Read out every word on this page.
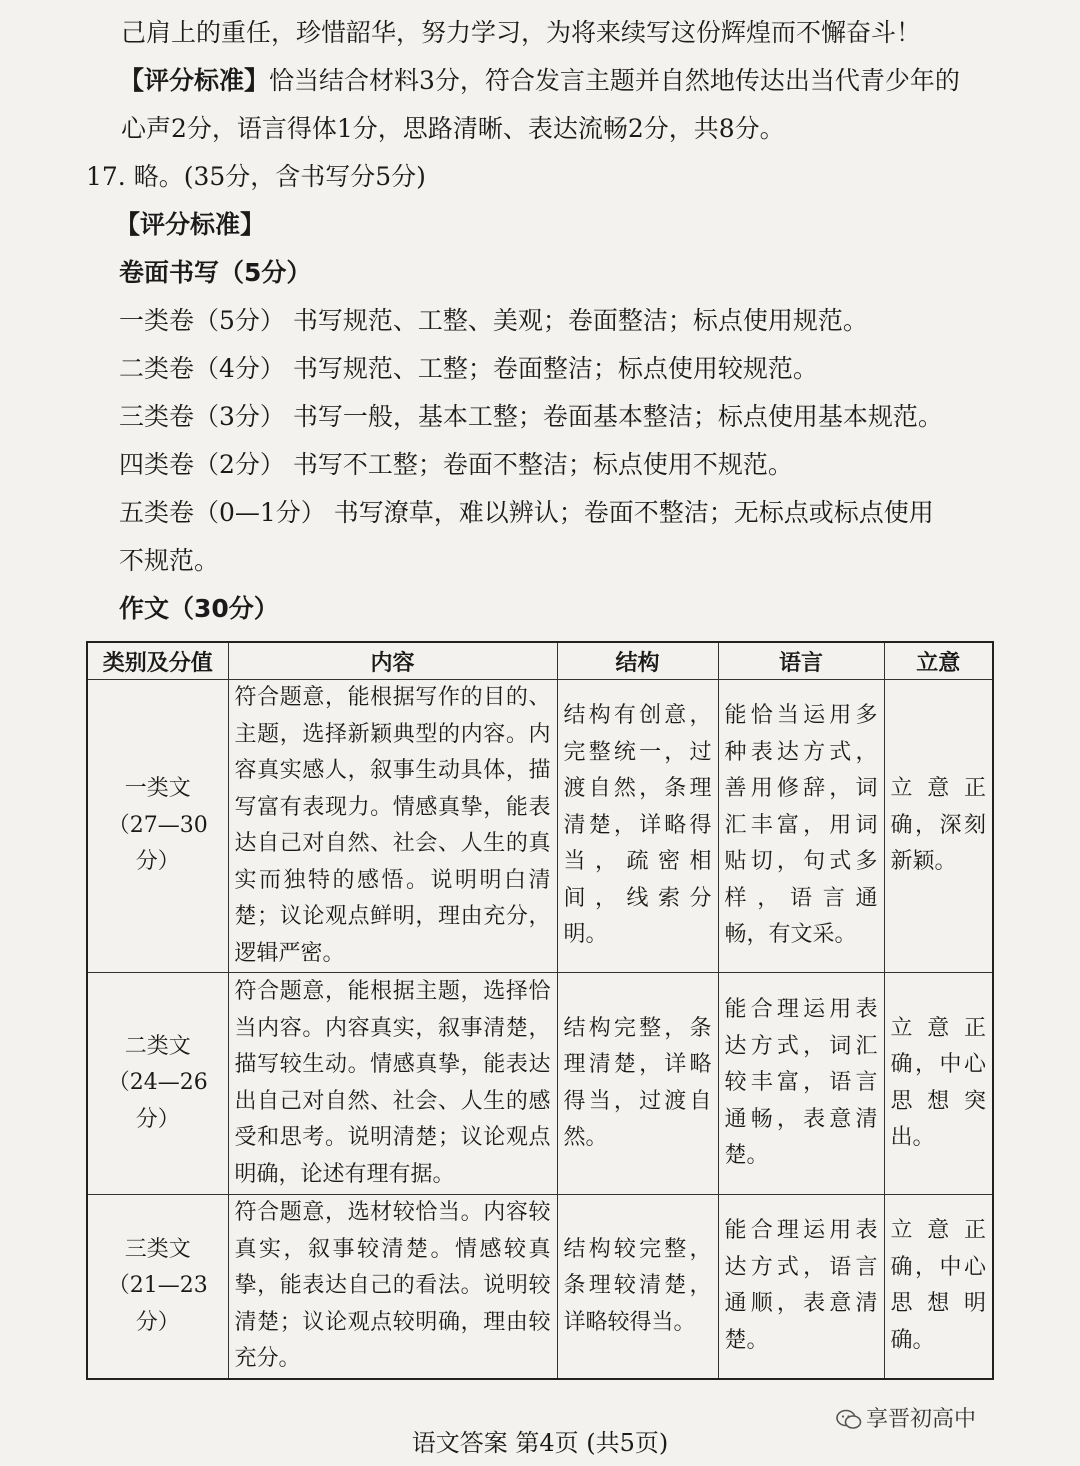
己肩上的重任，珍惜韶华，努力学习，为将来续写这份辉煌而不懈奋斗！
【评分标准】恰当结合材料3分，符合发言主题并自然地传达出当代青少年的
心声2分，语言得体1分，思路清晰、表达流畅2分，共8分。
17. 略。(35分，含书写分5分)
【评分标准】
卷面书写（5分）
一类卷（5分） 书写规范、工整、美观；卷面整洁；标点使用规范。
二类卷（4分） 书写规范、工整；卷面整洁；标点使用较规范。
三类卷（3分） 书写一般，基本工整；卷面基本整洁；标点使用基本规范。
四类卷（2分） 书写不工整；卷面不整洁；标点使用不规范。
五类卷（0—1分） 书写潦草，难以辨认；卷面不整洁；无标点或标点使用
不规范。
作文（30分）
类别及分值	内容	结构	语言	立意

一类文
（27—30分）	符合题意，能根据写作的目的、主题，选择新颖典型的内容。内容真实感人，叙事生动具体，描写富有表现力。情感真挚，能表达自己对自然、社会、人生的真实而独特的感悟。说明明白清楚；议论观点鲜明，理由充分，逻辑严密。	结构有创意，完整统一，过渡自然，条理清楚，详略得当，疏密相间，线索分明。	能恰当运用多种表达方式，善用修辞，词汇丰富，用词贴切，句式多样，语言通畅，有文采。	立意正确，深刻新颖。

二类文
（24—26分）	符合题意，能根据主题，选择恰当内容。内容真实，叙事清楚，描写较生动。情感真挚，能表达出自己对自然、社会、人生的感受和思考。说明清楚；议论观点明确，论述有理有据。	结构完整，条理清楚，详略得当，过渡自然。	能合理运用表达方式，词汇较丰富，语言通畅，表意清楚。	立意正确，中心思想突出。

三类文
（21—23分）	符合题意，选材较恰当。内容较真实，叙事较清楚。情感较真挚，能表达自己的看法。说明较清楚；议论观点较明确，理由较充分。	结构较完整，条理较清楚，详略较得当。	能合理运用表达方式，语言通顺，表意清楚。	立意正确，中心思想明确。
享晋初高中
语文答案 第4页 (共5页)
